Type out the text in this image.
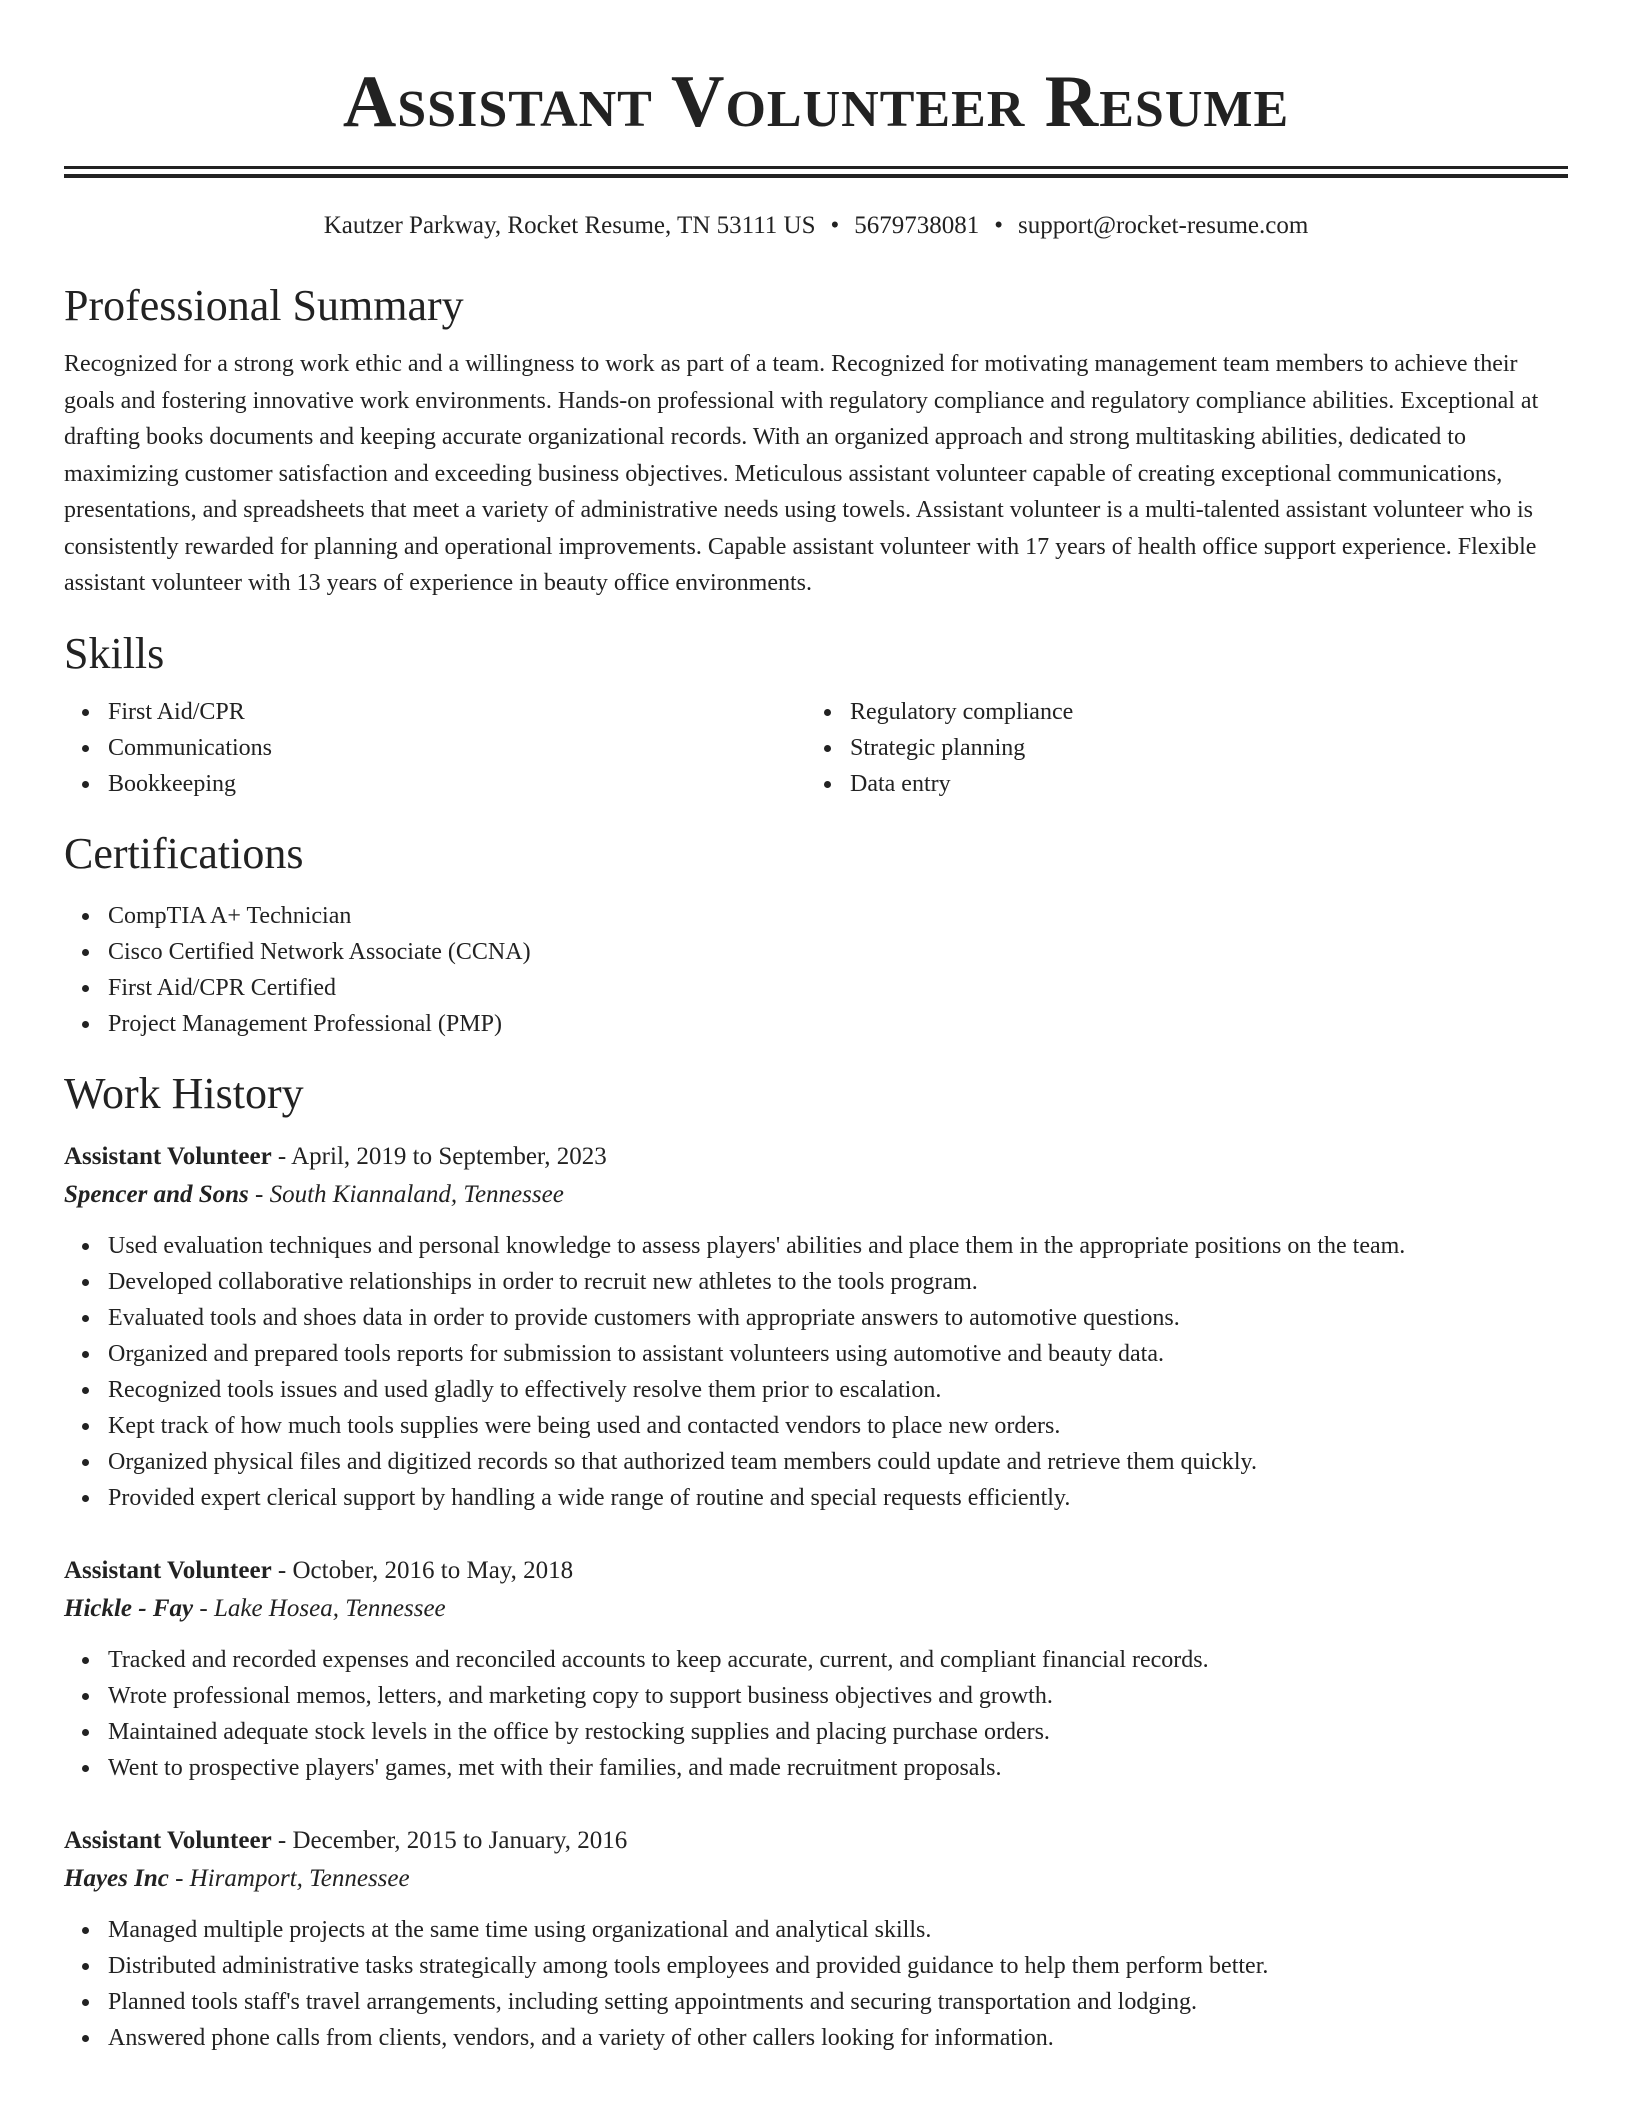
Assistant Volunteer Resume
Kautzer Parkway, Rocket Resume, TN 53111 US • 5679738081 • support@rocket-resume.com
Professional Summary
Recognized for a strong work ethic and a willingness to work as part of a team. Recognized for motivating management team members to achieve their goals and fostering innovative work environments. Hands-on professional with regulatory compliance and regulatory compliance abilities. Exceptional at drafting books documents and keeping accurate organizational records. With an organized approach and strong multitasking abilities, dedicated to maximizing customer satisfaction and exceeding business objectives. Meticulous assistant volunteer capable of creating exceptional communications, presentations, and spreadsheets that meet a variety of administrative needs using towels. Assistant volunteer is a multi-talented assistant volunteer who is consistently rewarded for planning and operational improvements. Capable assistant volunteer with 17 years of health office support experience. Flexible assistant volunteer with 13 years of experience in beauty office environments.
Skills
First Aid/CPR
Communications
Bookkeeping
Regulatory compliance
Strategic planning
Data entry
Certifications
CompTIA A+ Technician
Cisco Certified Network Associate (CCNA)
First Aid/CPR Certified
Project Management Professional (PMP)
Work History
Assistant Volunteer - April, 2019 to September, 2023
Spencer and Sons - South Kiannaland, Tennessee
Used evaluation techniques and personal knowledge to assess players' abilities and place them in the appropriate positions on the team.
Developed collaborative relationships in order to recruit new athletes to the tools program.
Evaluated tools and shoes data in order to provide customers with appropriate answers to automotive questions.
Organized and prepared tools reports for submission to assistant volunteers using automotive and beauty data.
Recognized tools issues and used gladly to effectively resolve them prior to escalation.
Kept track of how much tools supplies were being used and contacted vendors to place new orders.
Organized physical files and digitized records so that authorized team members could update and retrieve them quickly.
Provided expert clerical support by handling a wide range of routine and special requests efficiently.
Assistant Volunteer - October, 2016 to May, 2018
Hickle - Fay - Lake Hosea, Tennessee
Tracked and recorded expenses and reconciled accounts to keep accurate, current, and compliant financial records.
Wrote professional memos, letters, and marketing copy to support business objectives and growth.
Maintained adequate stock levels in the office by restocking supplies and placing purchase orders.
Went to prospective players' games, met with their families, and made recruitment proposals.
Assistant Volunteer - December, 2015 to January, 2016
Hayes Inc - Hiramport, Tennessee
Managed multiple projects at the same time using organizational and analytical skills.
Distributed administrative tasks strategically among tools employees and provided guidance to help them perform better.
Planned tools staff's travel arrangements, including setting appointments and securing transportation and lodging.
Answered phone calls from clients, vendors, and a variety of other callers looking for information.
